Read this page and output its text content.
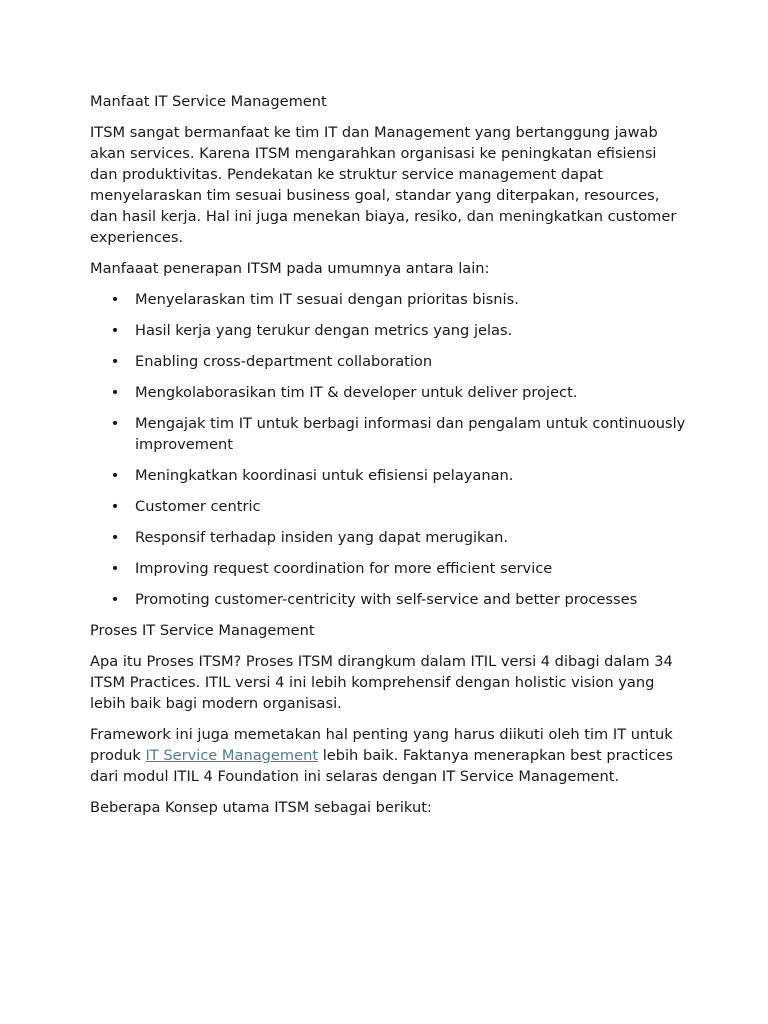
Manfaat IT Service Management

ITSM sangat bermanfaat ke tim IT dan Management yang bertanggung jawab akan services. Karena ITSM mengarahkan organisasi ke peningkatan efisiensi dan produktivitas. Pendekatan ke struktur service management dapat menyelaraskan tim sesuai business goal, standar yang diterpakan, resources, dan hasil kerja. Hal ini juga menekan biaya, resiko, dan meningkatkan customer experiences.

Manfaaat penerapan ITSM pada umumnya antara lain:

• Menyelaraskan tim IT sesuai dengan prioritas bisnis.
• Hasil kerja yang terukur dengan metrics yang jelas.
• Enabling cross-department collaboration
• Mengkolaborasikan tim IT & developer untuk deliver project.
• Mengajak tim IT untuk berbagi informasi dan pengalam untuk continuously improvement
• Meningkatkan koordinasi untuk efisiensi pelayanan.
• Customer centric
• Responsif terhadap insiden yang dapat merugikan.
• Improving request coordination for more efficient service
• Promoting customer-centricity with self-service and better processes

Proses IT Service Management

Apa itu Proses ITSM? Proses ITSM dirangkum dalam ITIL versi 4 dibagi dalam 34 ITSM Practices. ITIL versi 4 ini lebih komprehensif dengan holistic vision yang lebih baik bagi modern organisasi.

Framework ini juga memetakan hal penting yang harus diikuti oleh tim IT untuk produk IT Service Management lebih baik. Faktanya menerapkan best practices dari modul ITIL 4 Foundation ini selaras dengan IT Service Management.

Beberapa Konsep utama ITSM sebagai berikut:
